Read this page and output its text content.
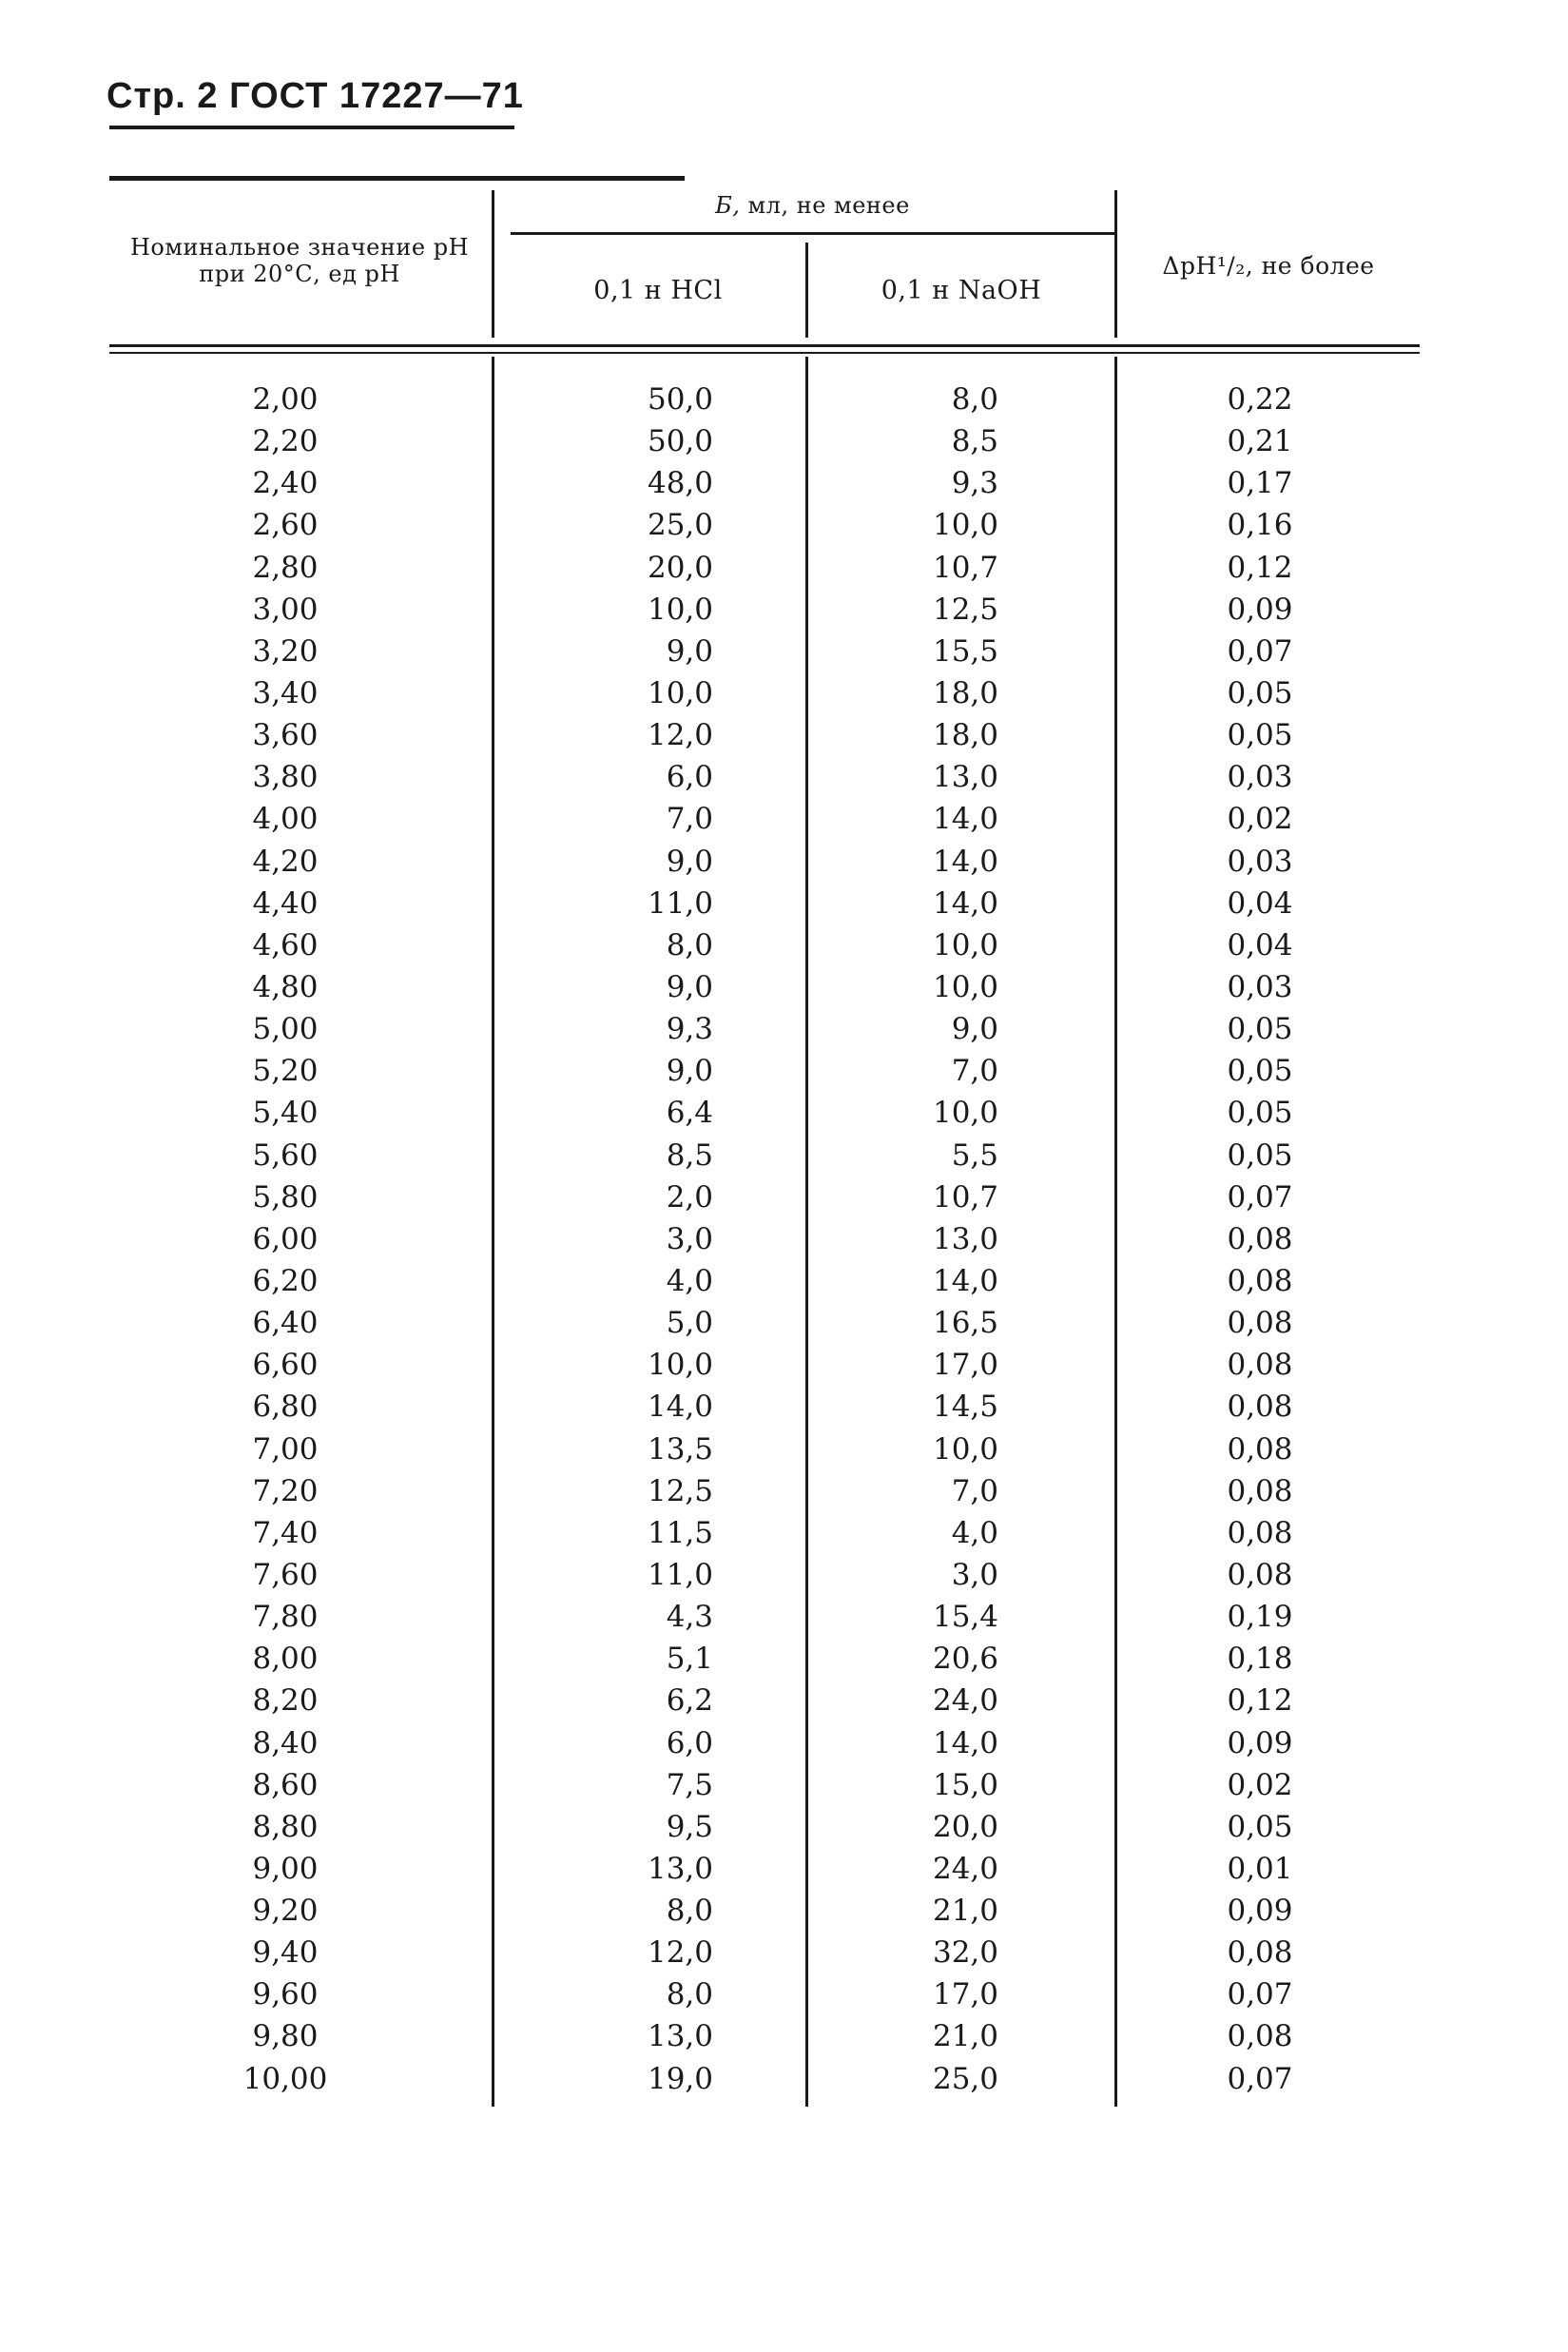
Стр. 2 ГОСТ 17227—71
Номинальное значение pH при 20°С, ед pH
Б, мл, не менее
0,1 н HCl	0,1 н NaOH
ΔpH¹/₂, не более
2,00	50,0	8,0	0,22
2,20	50,0	8,5	0,21
2,40	48,0	9,3	0,17
2,60	25,0	10,0	0,16
2,80	20,0	10,7	0,12
3,00	10,0	12,5	0,09
3,20	9,0	15,5	0,07
3,40	10,0	18,0	0,05
3,60	12,0	18,0	0,05
3,80	6,0	13,0	0,03
4,00	7,0	14,0	0,02
4,20	9,0	14,0	0,03
4,40	11,0	14,0	0,04
4,60	8,0	10,0	0,04
4,80	9,0	10,0	0,03
5,00	9,3	9,0	0,05
5,20	9,0	7,0	0,05
5,40	6,4	10,0	0,05
5,60	8,5	5,5	0,05
5,80	2,0	10,7	0,07
6,00	3,0	13,0	0,08
6,20	4,0	14,0	0,08
6,40	5,0	16,5	0,08
6,60	10,0	17,0	0,08
6,80	14,0	14,5	0,08
7,00	13,5	10,0	0,08
7,20	12,5	7,0	0,08
7,40	11,5	4,0	0,08
7,60	11,0	3,0	0,08
7,80	4,3	15,4	0,19
8,00	5,1	20,6	0,18
8,20	6,2	24,0	0,12
8,40	6,0	14,0	0,09
8,60	7,5	15,0	0,02
8,80	9,5	20,0	0,05
9,00	13,0	24,0	0,01
9,20	8,0	21,0	0,09
9,40	12,0	32,0	0,08
9,60	8,0	17,0	0,07
9,80	13,0	21,0	0,08
10,00	19,0	25,0	0,07
